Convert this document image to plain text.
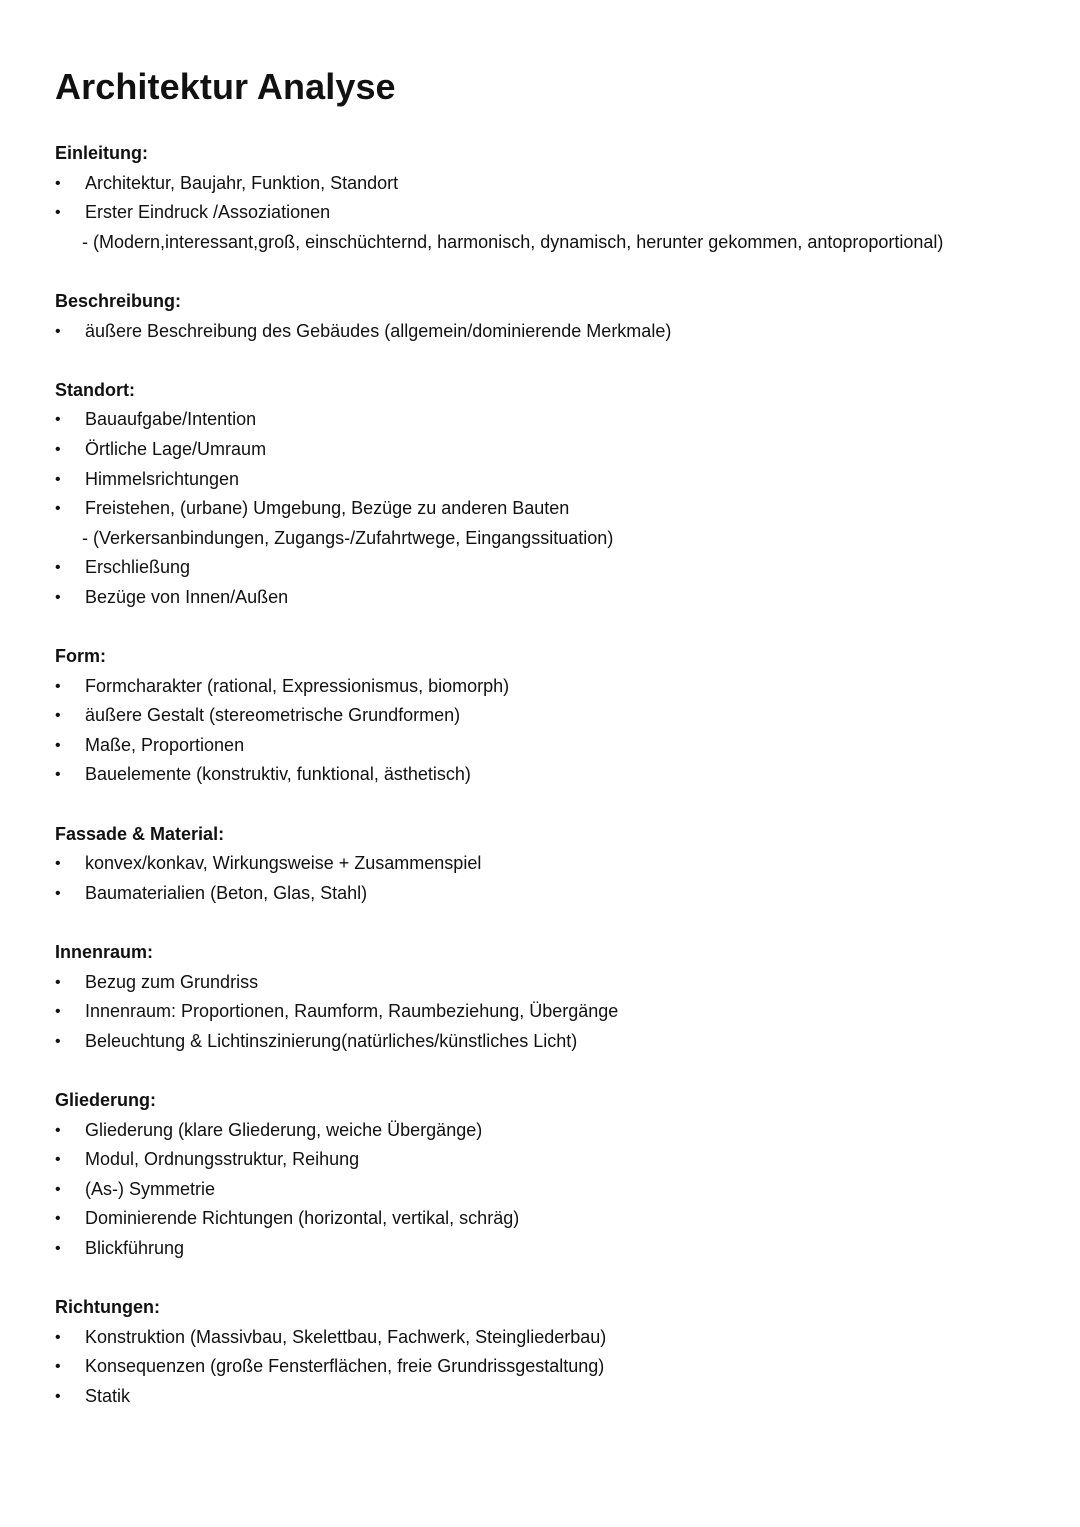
Architektur Analyse
Einleitung:
• Architektur, Baujahr, Funktion, Standort
• Erster Eindruck /Assoziationen
- (Modern,interessant,groß, einschüchternd, harmonisch, dynamisch, herunter gekommen, antoproportional)
Beschreibung:
• äußere Beschreibung des Gebäudes (allgemein/dominierende Merkmale)
Standort:
• Bauaufgabe/Intention
• Örtliche Lage/Umraum
• Himmelsrichtungen
• Freistehen, (urbane) Umgebung, Bezüge zu anderen Bauten
- (Verkersanbindungen, Zugangs-/Zufahrtwege, Eingangssituation)
• Erschließung
• Bezüge von Innen/Außen
Form:
• Formcharakter (rational, Expressionismus, biomorph)
• äußere Gestalt (stereometrische Grundformen)
• Maße, Proportionen
• Bauelemente (konstruktiv, funktional, ästhetisch)
Fassade & Material:
• konvex/konkav, Wirkungsweise + Zusammenspiel
• Baumaterialien (Beton, Glas, Stahl)
Innenraum:
• Bezug zum Grundriss
• Innenraum: Proportionen, Raumform, Raumbeziehung, Übergänge
• Beleuchtung & Lichtinszinierung(natürliches/künstliches Licht)
Gliederung:
• Gliederung (klare Gliederung, weiche Übergänge)
• Modul, Ordnungsstruktur, Reihung
• (As-) Symmetrie
• Dominierende Richtungen (horizontal, vertikal, schräg)
• Blickführung
Richtungen:
• Konstruktion (Massivbau, Skelettbau, Fachwerk, Steingliederbau)
• Konsequenzen (große Fensterflächen, freie Grundrissgestaltung)
• Statik
